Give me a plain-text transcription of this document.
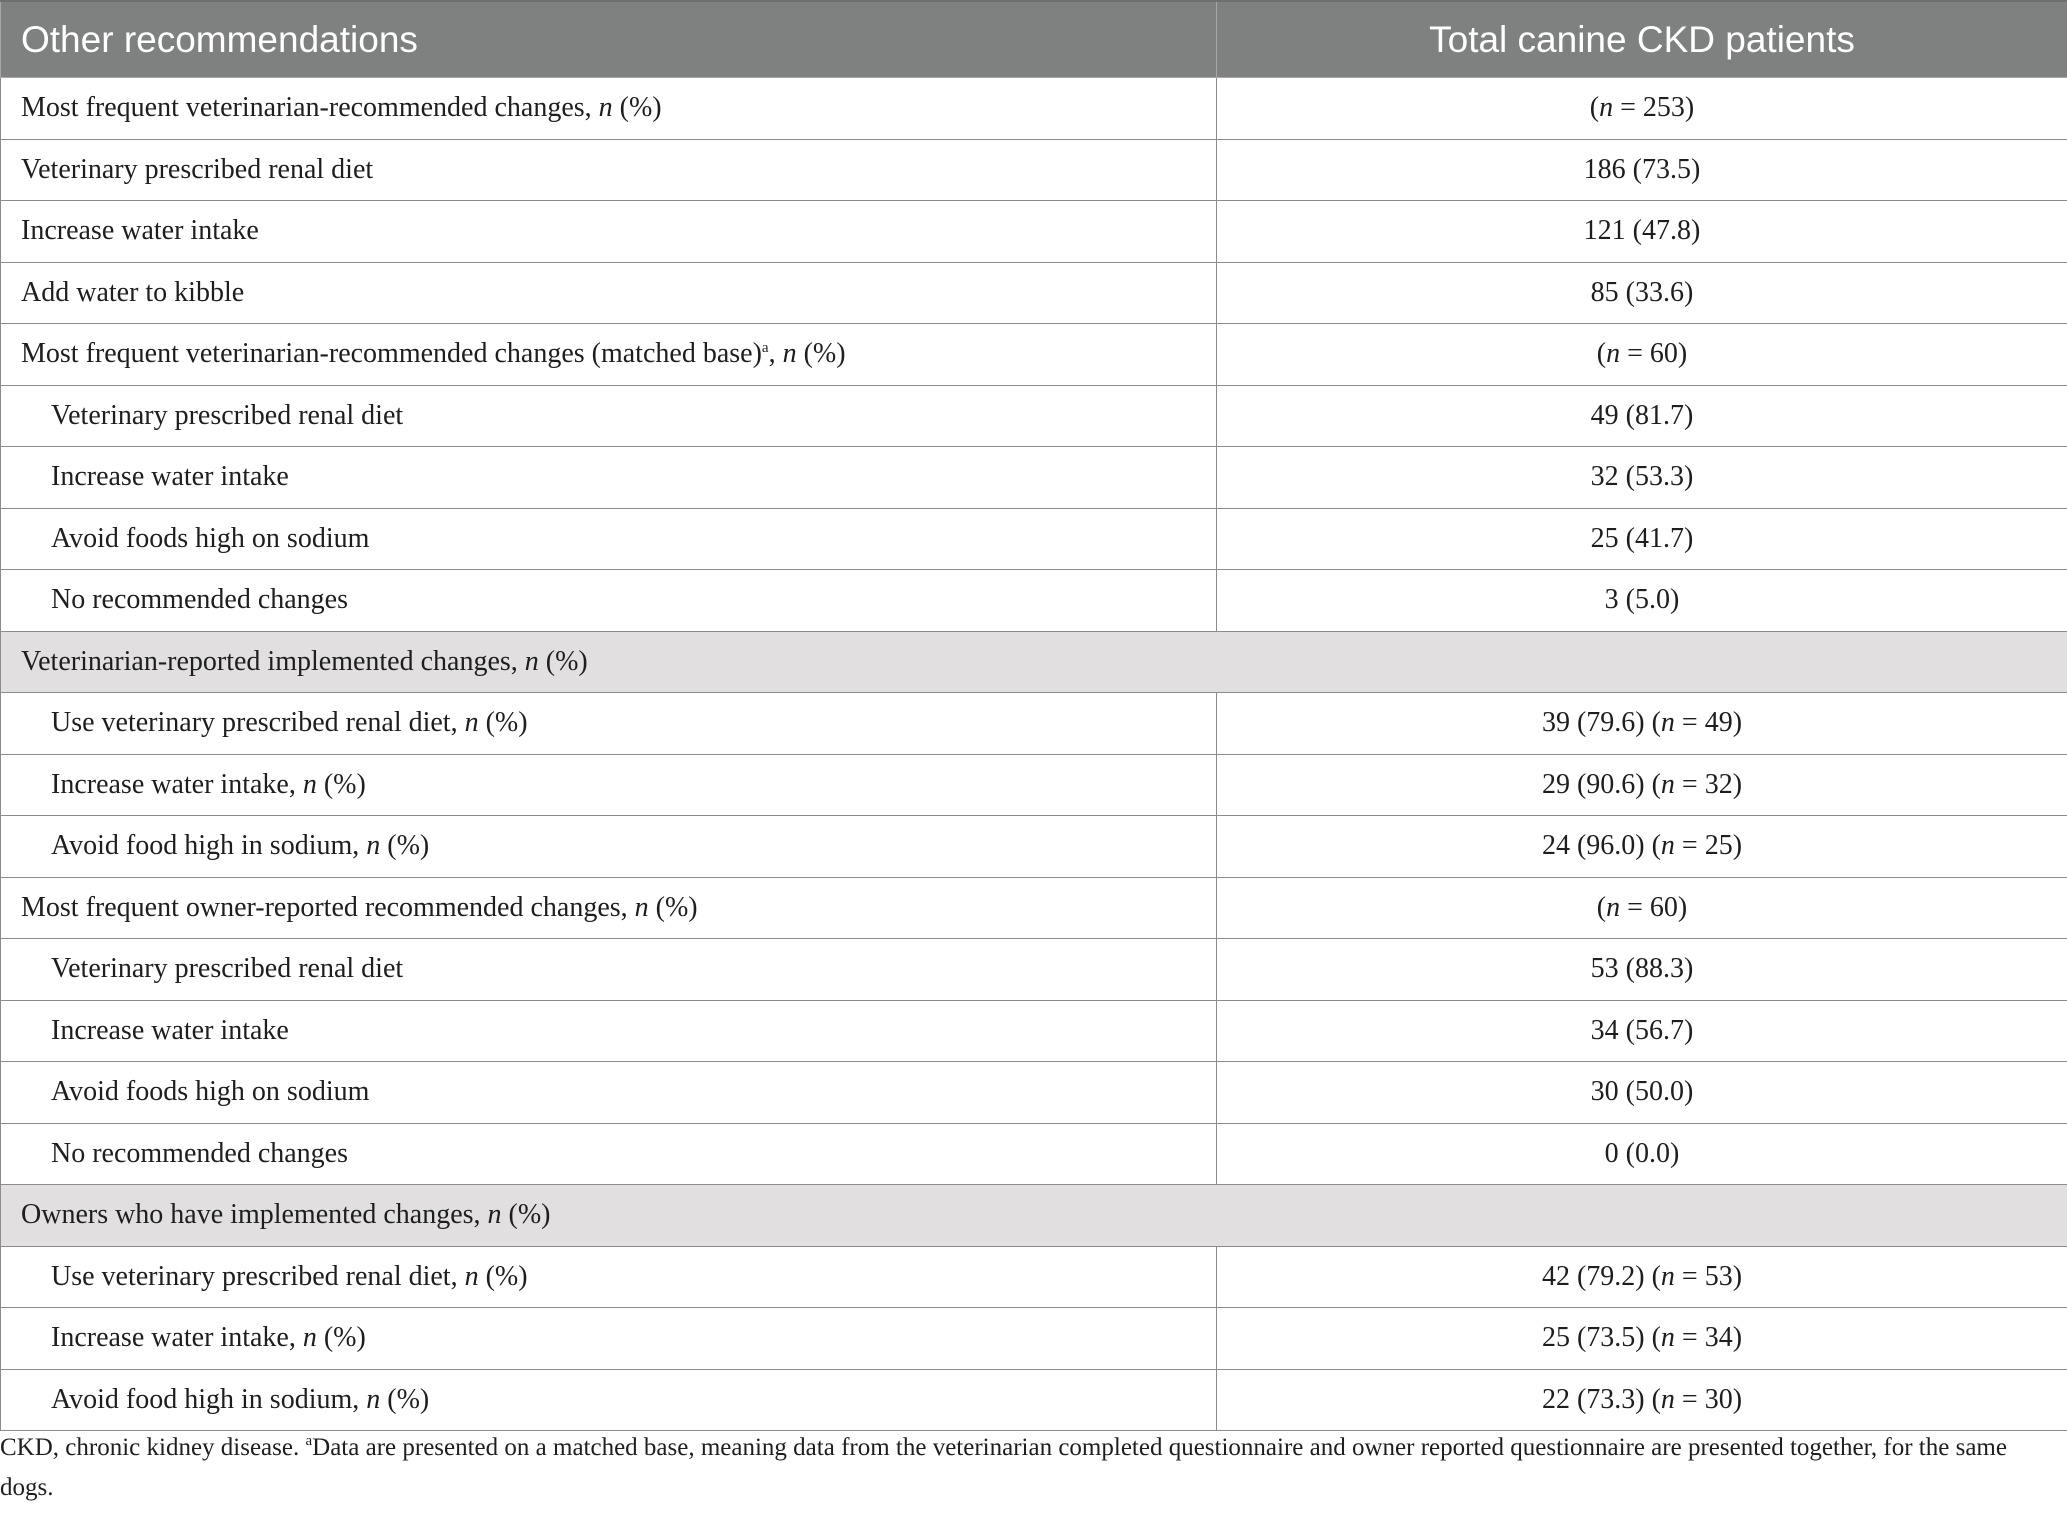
Other recommendations	Total canine CKD patients
Most frequent veterinarian-recommended changes, n (%)	(n = 253)
Veterinary prescribed renal diet	186 (73.5)
Increase water intake	121 (47.8)
Add water to kibble	85 (33.6)
Most frequent veterinarian-recommended changes (matched base)$^a$, n (%)	(n = 60)
Veterinary prescribed renal diet	49 (81.7)
Increase water intake	32 (53.3)
Avoid foods high on sodium	25 (41.7)
No recommended changes	3 (5.0)
Veterinarian-reported implemented changes, n (%)	
Use veterinary prescribed renal diet, n (%)	39 (79.6) (n = 49)
Increase water intake, n (%)	29 (90.6) (n = 32)
Avoid food high in sodium, n (%)	24 (96.0) (n = 25)
Most frequent owner-reported recommended changes, n (%)	(n = 60)
Veterinary prescribed renal diet	53 (88.3)
Increase water intake	34 (56.7)
Avoid foods high on sodium	30 (50.0)
No recommended changes	0 (0.0)
Owners who have implemented changes, n (%)	
Use veterinary prescribed renal diet, n (%)	42 (79.2) (n = 53)
Increase water intake, n (%)	25 (73.5) (n = 34)
Avoid food high in sodium, n (%)	22 (73.3) (n = 30)
CKD, chronic kidney disease. $^a$Data are presented on a matched base, meaning data from the veterinarian completed questionnaire and owner reported questionnaire are presented together, for the same dogs.
